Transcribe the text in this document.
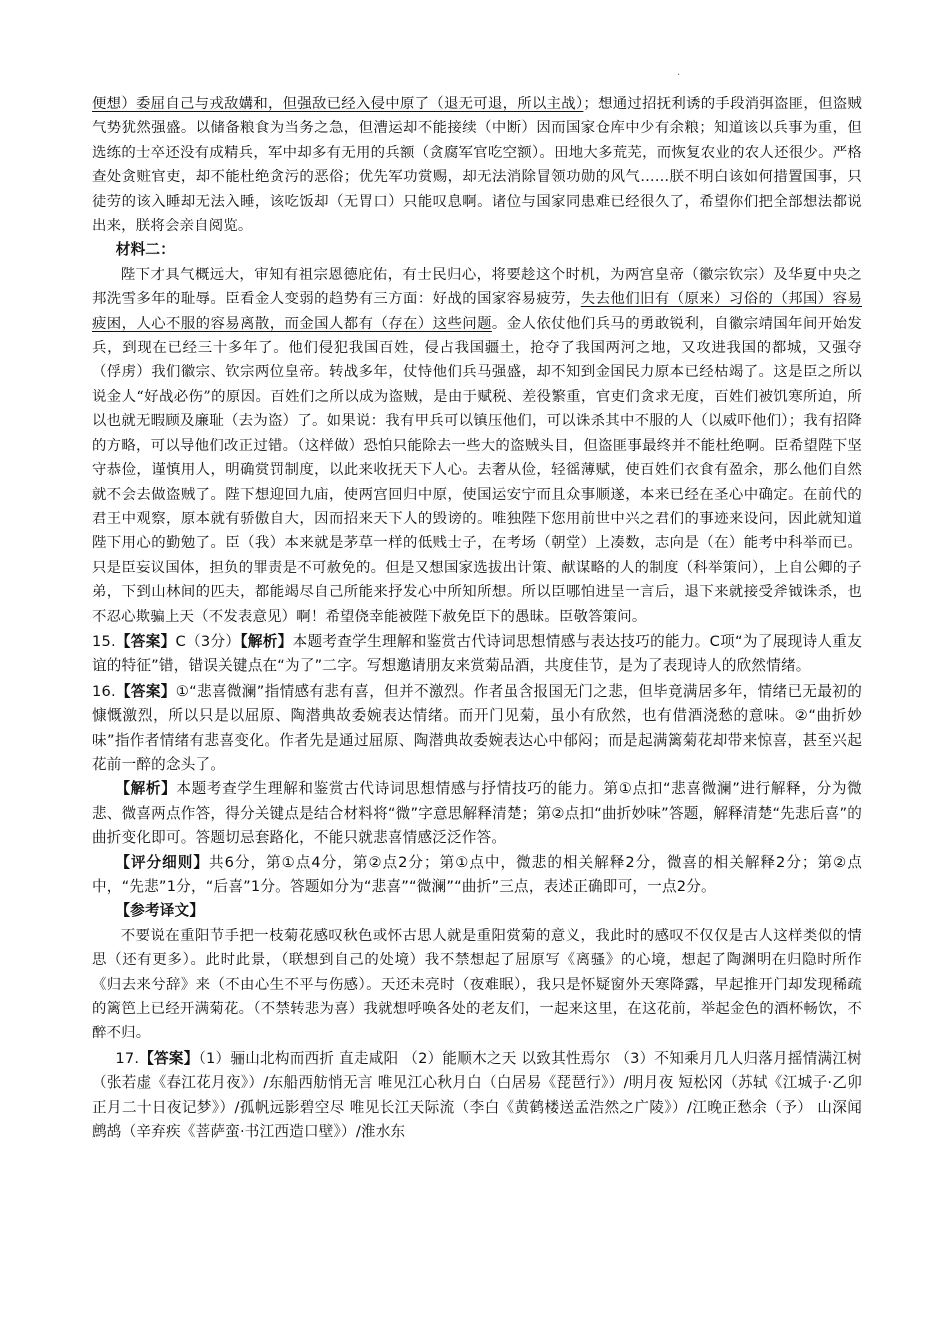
·

便想）委屈自己与戎敌媾和，但强敌已经入侵中原了（退无可退，所以主战）；想通过招抚利诱的手段消弭盗匪，但盗贼气势犹然强盛。以储备粮食为当务之急，但漕运却不能接续（中断）因而国家仓库中少有余粮；知道该以兵事为重，但选练的士卒还没有成精兵，军中却多有无用的兵额（贪腐军官吃空额）。田地大多荒芜，而恢复农业的农人还很少。严格查处贪赃官吏，却不能杜绝贪污的恶俗；优先军功赏赐，却无法消除冒领功勋的风气……朕不明白该如何措置国事，只徒劳的该入睡却无法入睡，该吃饭却（无胃口）只能叹息啊。诸位与国家同患难已经很久了，希望你们把全部想法都说出来，朕将会亲自阅览。

材料二：

陛下才具气概远大，审知有祖宗恩德庇佑，有士民归心，将要趁这个时机，为两宫皇帝（徽宗钦宗）及华夏中央之邦洗雪多年的耻辱。臣看金人变弱的趋势有三方面：好战的国家容易疲劳，失去他们旧有（原来）习俗的（邦国）容易疲困，人心不服的容易离散，而金国人都有（存在）这些问题。金人依仗他们兵马的勇敢锐利，自徽宗靖国年间开始发兵，到现在已经三十多年了。他们侵犯我国百姓，侵占我国疆土，抢夺了我国两河之地，又攻进我国的都城，又强夺（俘虏）我们徽宗、钦宗两位皇帝。转战多年，仗恃他们兵马强盛，却不知到金国民力原本已经枯竭了。这是臣之所以说金人“好战必伤”的原因。百姓们之所以成为盗贼，是由于赋税、差役繁重，官吏们贪求无度，百姓们被饥寒所迫，所以也就无暇顾及廉耻（去为盗）了。如果说：我有甲兵可以镇压他们，可以诛杀其中不服的人（以威吓他们）；我有招降的方略，可以导他们改正过错。（这样做）恐怕只能除去一些大的盗贼头目，但盗匪事最终并不能杜绝啊。臣希望陛下坚守恭俭，谨慎用人，明确赏罚制度，以此来收抚天下人心。去奢从俭，轻徭薄赋，使百姓们衣食有盈余，那么他们自然就不会去做盗贼了。陛下想迎回九庙，使两宫回归中原，使国运安宁而且众事顺遂，本来已经在圣心中确定。在前代的君王中观察，原本就有骄傲自大，因而招来天下人的毁谤的。唯独陛下您用前世中兴之君们的事迹来设问，因此就知道陛下用心的勤勉了。臣（我）本来就是茅草一样的低贱士子，在考场（朝堂）上凑数，志向是（在）能考中科举而已。只是臣妄议国体，担负的罪责是不可赦免的。但是又想国家选拔出计策、献谋略的人的制度（科举策问），上自公卿的子弟，下到山林间的匹夫，都能竭尽自己所能来抒发心中所知所想。所以臣哪怕进呈一言后，退下来就接受斧钺诛杀，也不忍心欺骗上天（不发表意见）啊！希望侥幸能被陛下赦免臣下的愚昧。臣敬答策问。

15.【答案】C（3分）【解析】本题考查学生理解和鉴赏古代诗词思想情感与表达技巧的能力。C项“为了展现诗人重友谊的特征”错，错误关键点在“为了”二字。写想邀请朋友来赏菊品酒，共度佳节，是为了表现诗人的欣然情绪。

16.【答案】①“悲喜微澜”指情感有悲有喜，但并不激烈。作者虽含报国无门之悲，但毕竟满居多年，情绪已无最初的慷慨激烈，所以只是以屈原、陶潜典故委婉表达情绪。而开门见菊，虽小有欣然，也有借酒浇愁的意味。②“曲折妙味”指作者情绪有悲喜变化。作者先是通过屈原、陶潜典故委婉表达心中郁闷；而是起满篱菊花却带来惊喜，甚至兴起花前一醉的念头了。

【解析】本题考查学生理解和鉴赏古代诗词思想情感与抒情技巧的能力。第①点扣“悲喜微澜”进行解释，分为微悲、微喜两点作答，得分关键点是结合材料将“微”字意思解释清楚；第②点扣“曲折妙味”答题，解释清楚“先悲后喜”的曲折变化即可。答题切忌套路化，不能只就悲喜情感泛泛作答。

【评分细则】共6分，第①点4分，第②点2分；第①点中，微悲的相关解释2分，微喜的相关解释2分；第②点中，“先悲”1分，“后喜”1分。答题如分为“悲喜”“微澜”“曲折”三点，表述正确即可，一点2分。

【参考译文】

不要说在重阳节手把一枝菊花感叹秋色或怀古思人就是重阳赏菊的意义，我此时的感叹不仅仅是古人这样类似的情思（还有更多）。此时此景，（联想到自己的处境）我不禁想起了屈原写《离骚》的心境，想起了陶渊明在归隐时所作《归去来兮辞》来（不由心生不平与伤感）。天还未亮时（夜难眠），我只是怀疑窗外天寒降露，早起推开门却发现稀疏的篱笆上已经开满菊花。（不禁转悲为喜）我就想呼唤各处的老友们，一起来这里，在这花前，举起金色的酒杯畅饮，不醉不归。

17.【答案】（1）骊山北构而西折 直走咸阳 （2）能顺木之天 以致其性焉尔 （3）不知乘月几人归落月摇情满江树（张若虚《春江花月夜》）/东船西舫悄无言 唯见江心秋月白（白居易《琵琶行》）/明月夜 短松冈（苏轼《江城子·乙卯正月二十日夜记梦》）/孤帆远影碧空尽 唯见长江天际流（李白《黄鹤楼送孟浩然之广陵》）/江晚正愁余（予） 山深闻鹧鸪（辛弃疾《菩萨蛮·书江西造口壁》）/淮水东
